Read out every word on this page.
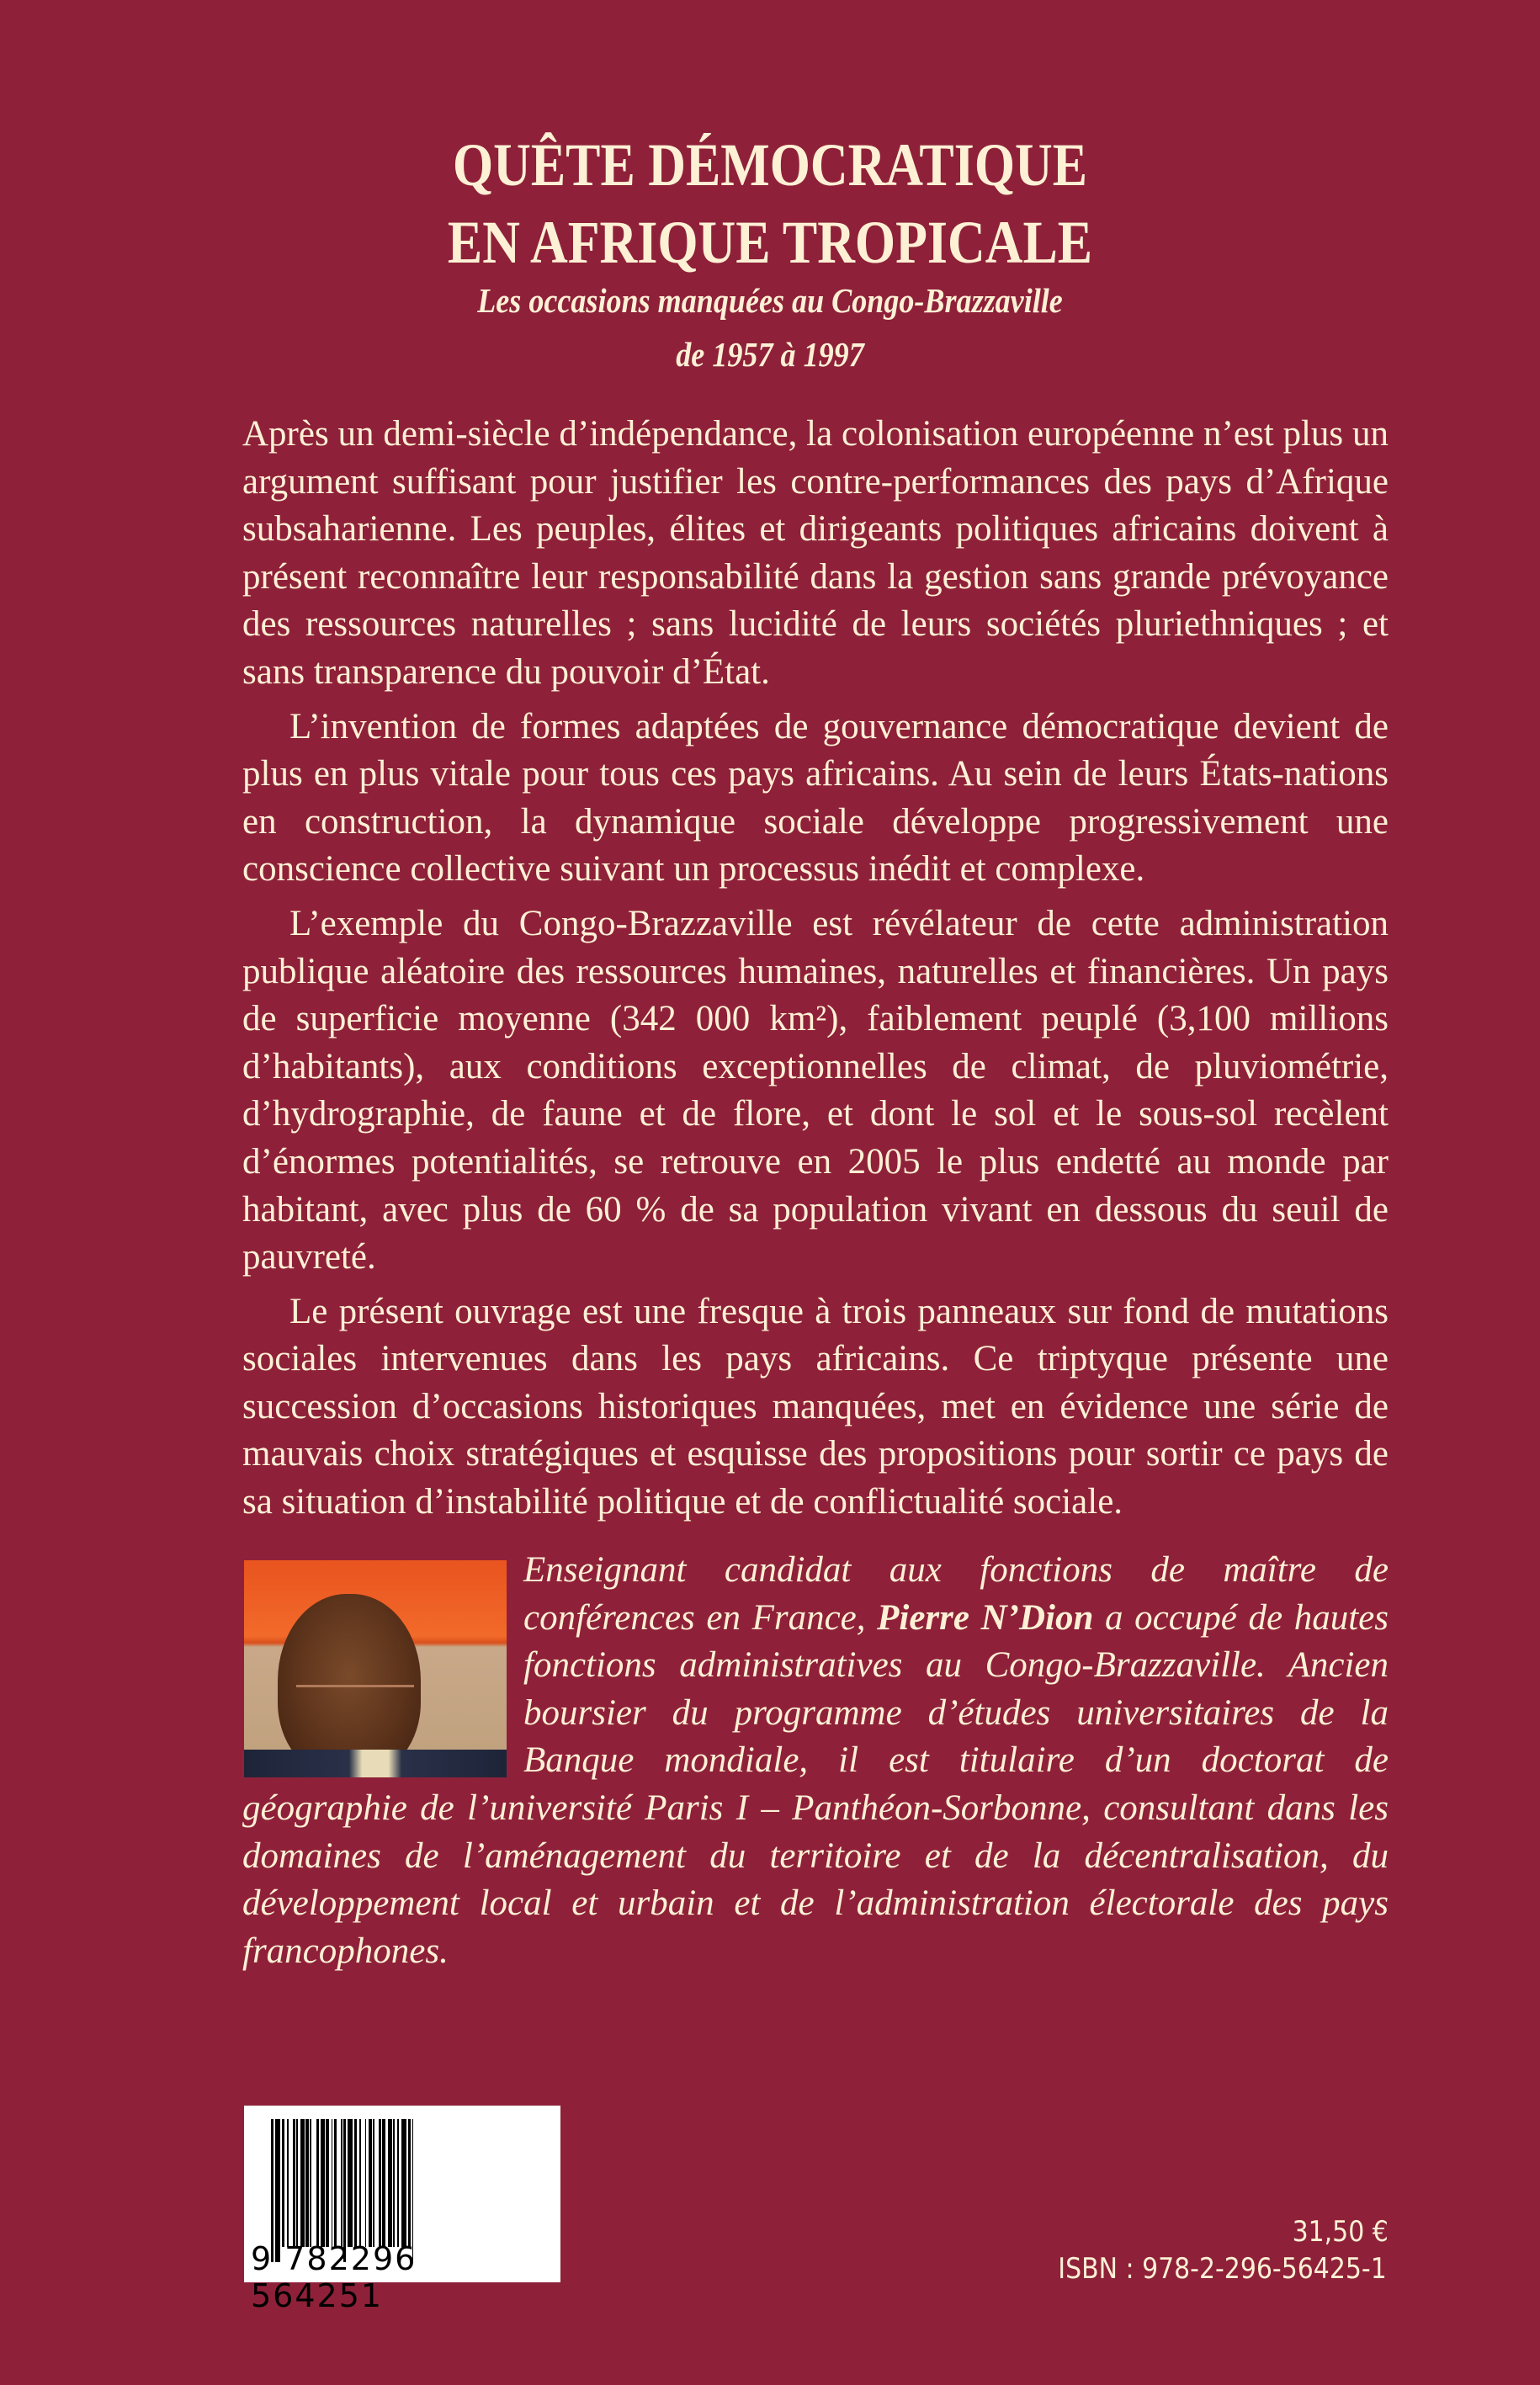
QUÊTE DÉMOCRATIQUE
EN AFRIQUE TROPICALE
Les occasions manquées au Congo-Brazzaville
de 1957 à 1997

Après un demi-siècle d’indépendance, la colonisation européenne n’est plus un argument suffisant pour justifier les contre-performances des pays d’Afrique subsaharienne. Les peuples, élites et dirigeants politiques africains doivent à présent reconnaître leur responsabilité dans la gestion sans grande prévoyance des ressources naturelles ; sans lucidité de leurs sociétés pluriethniques ; et sans transparence du pouvoir d’État.

L’invention de formes adaptées de gouvernance démocratique devient de plus en plus vitale pour tous ces pays africains. Au sein de leurs États-nations en construction, la dynamique sociale développe progressivement une conscience collective suivant un processus inédit et complexe.

L’exemple du Congo-Brazzaville est révélateur de cette administration publique aléatoire des ressources humaines, naturelles et financières. Un pays de superficie moyenne (342 000 km²), faiblement peuplé (3,100 millions d’habitants), aux conditions exceptionnelles de climat, de pluviométrie, d’hydrographie, de faune et de flore, et dont le sol et le sous-sol recèlent d’énormes potentialités, se retrouve en 2005 le plus endetté au monde par habitant, avec plus de 60 % de sa population vivant en dessous du seuil de pauvreté.

Le présent ouvrage est une fresque à trois panneaux sur fond de mutations sociales intervenues dans les pays africains. Ce triptyque présente une succession d’occasions historiques manquées, met en évidence une série de mauvais choix stratégiques et esquisse des propositions pour sortir ce pays de sa situation d’instabilité politique et de conflictualité sociale.

Enseignant candidat aux fonctions de maître de conférences en France, Pierre N’Dion a occupé de hautes fonctions administratives au Congo-Brazzaville. Ancien boursier du programme d’études universitaires de la Banque mondiale, il est titulaire d’un doctorat de géographie de l’université Paris I – Panthéon-Sorbonne, consultant dans les domaines de l’aménagement du territoire et de la décentralisation, du développement local et urbain et de l’administration électorale des pays francophones.
9 782296 564251
31,50 €
ISBN : 978-2-296-56425-1
